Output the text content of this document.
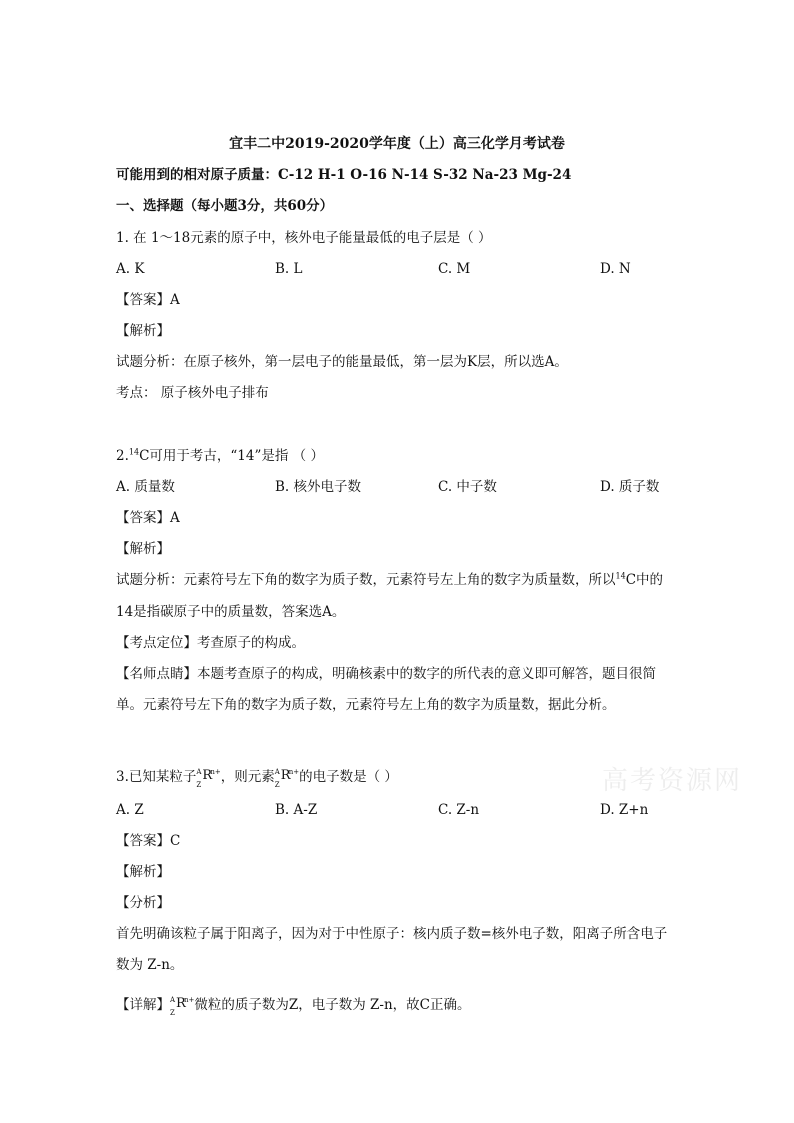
宜丰二中2019-2020学年度（上）高三化学月考试卷
可能用到的相对原子质量：C-12 H-1 O-16 N-14 S-32 Na-23 Mg-24
一、选择题（每小题3分，共60分）
1. 在 1～18元素的原子中，核外电子能量最低的电子层是（ ）
A. K	B. L	C. M	D. N
【答案】A
【解析】
试题分析：在原子核外，第一层电子的能量最低，第一层为K层，所以选A。
考点： 原子核外电子排布
2.14C可用于考古，“14”是指 （ ）
A. 质量数	B. 核外电子数	C. 中子数	D. 质子数
【答案】A
【解析】
试题分析：元素符号左下角的数字为质子数，元素符号左上角的数字为质量数，所以$^{14}$C中的
14是指碳原子中的质量数，答案选A。
【考点定位】考查原子的构成。
【名师点睛】本题考查原子的构成，明确核素中的数字的所代表的意义即可解答，题目很简
单。元素符号左下角的数字为质子数，元素符号左上角的数字为质量数，据此分析。
3.已知某粒子 A
Z
R
$^{n+}$，则元素 A
Z
R
$^{n+}$的电子数是（ ）
A. Z	B. A-Z	C. Z-n	D. Z+n
【答案】C
【解析】
【分析】
首先明确该粒子属于阳离子，因为对于中性原子：核内质子数=核外电子数，阳离子所含电子
数为 Z-n。
【详解】 A
Z
R
$^{n+}$微粒的质子数为Z，电子数为 Z-n，故C正确。
高考资源网
